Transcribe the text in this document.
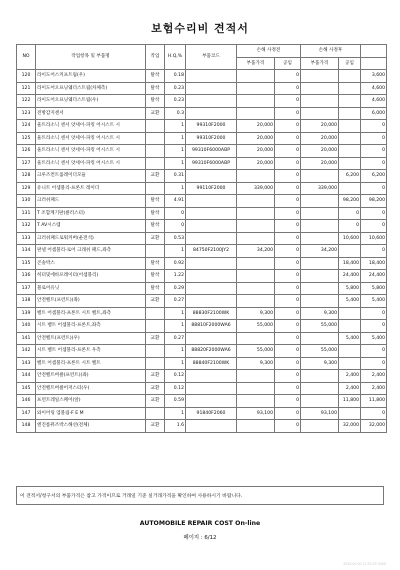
보험수리비 견적서
NO	작업항목 및 부품명	작업	H.Q,%	부품코드	손해 사정전		손해 사정후		
					부품가격	공임	부품가격	공임	
120	라이도어스커프트림(우)	탈착	0.18			0			3,600
121	라이도어오프닝웨더스트립(차체측)	탈착	0.23			0			4,600
122	라이도어오프닝웨더스트립(우)	탈착	0.23			0			4,600
123	전방감지센서	교환	0.3			0			6,000
124	울트라소닉 센서 앗세이-파킹 어시스트 시		1	99310F2000	20,000	0	20,000		0
125	울트라소닉 센서 앗세이-파킹 어시스트 시		1	99310F2000	20,000	0	20,000		0
126	울트라소닉 센서 앗세이-파킹 어시스트 시		1	99310F6000ABP	20,000	0	20,000		0
127	울트라소닉 센서 앗세이-파킹 어시스트 시		1	99310F6000ABP	20,000	0	20,000		0
128	크루즈컨트롤레이더모듈	교환	0.31			0		6,200	6,200
129	유니트 어셈블리-프론트 레이더		1	99110F2000	339,000	0	339,000		0
130	크러쉬패드	탈착	4.91			0		98,200	98,200
131	T 조합계기판(클러스터)	탈착	0			0		0	0
132	T AV시스템	탈착	0			0		0	0
133	크러쉬패드로워커버(운전석)	교환	0.53			0		10,600	10,600
134	판넬 어셈블리-로어 크래쉬 패드,좌측		1	84750F2100JY2	34,200	0	34,200		0
135	콘솔박스	탈착	0.92			0		18,400	18,400
136	히터및에바포레이터(어셈블리)	탈착	1.22			0		24,400	24,400
137	블로어유닛	탈착	0.29			0		5,800	5,800
138	안전벨트(프런트)(좌)	교환	0.27			0		5,400	5,400
139	벨트 어셈블리-프론트 시트 벨트,좌측		1	88830F2100WK	9,300	0	9,300		0
140	시트 벨트 어셈블리-프론트,좌측		1	88810F2000WA6	55,000	0	55,000		0
141	안전벨트(프런트)(우)	교환	0.27			0		5,400	5,400
142	시트 벨트 어셈블리-프론트 우측		1	88820F2000WA6	55,000	0	55,000		0
143	벨트 어셈블리-프론트 시트 벨트		1	88840F2100WK	9,300	0	9,300		0
144	안전벨트버클(프런트)(좌)	교환	0.12			0		2,400	2,400
145	안전벨트버클어저스터(우)	교환	0.12			0		2,400	2,400
146	프런트레일스페어(앞)	교환	0.59			0		11,800	11,800
147	와이어링 엄블림-F E M		1	91840F2060	93,100	0	93,100		0
148	엔진룸퓨즈박스해선(전체)	교환	1.6			0		32,000	32,000
이 견적서/청구서의 부품가격은 참고 가격이므로 거래일 기준 실거래가격을 확인하여 사용하시기 바랍니다.
AUTOMOBILE REPAIR COST On-line
페이지 : 6/12
2020.00.00 11:52:55 0000
